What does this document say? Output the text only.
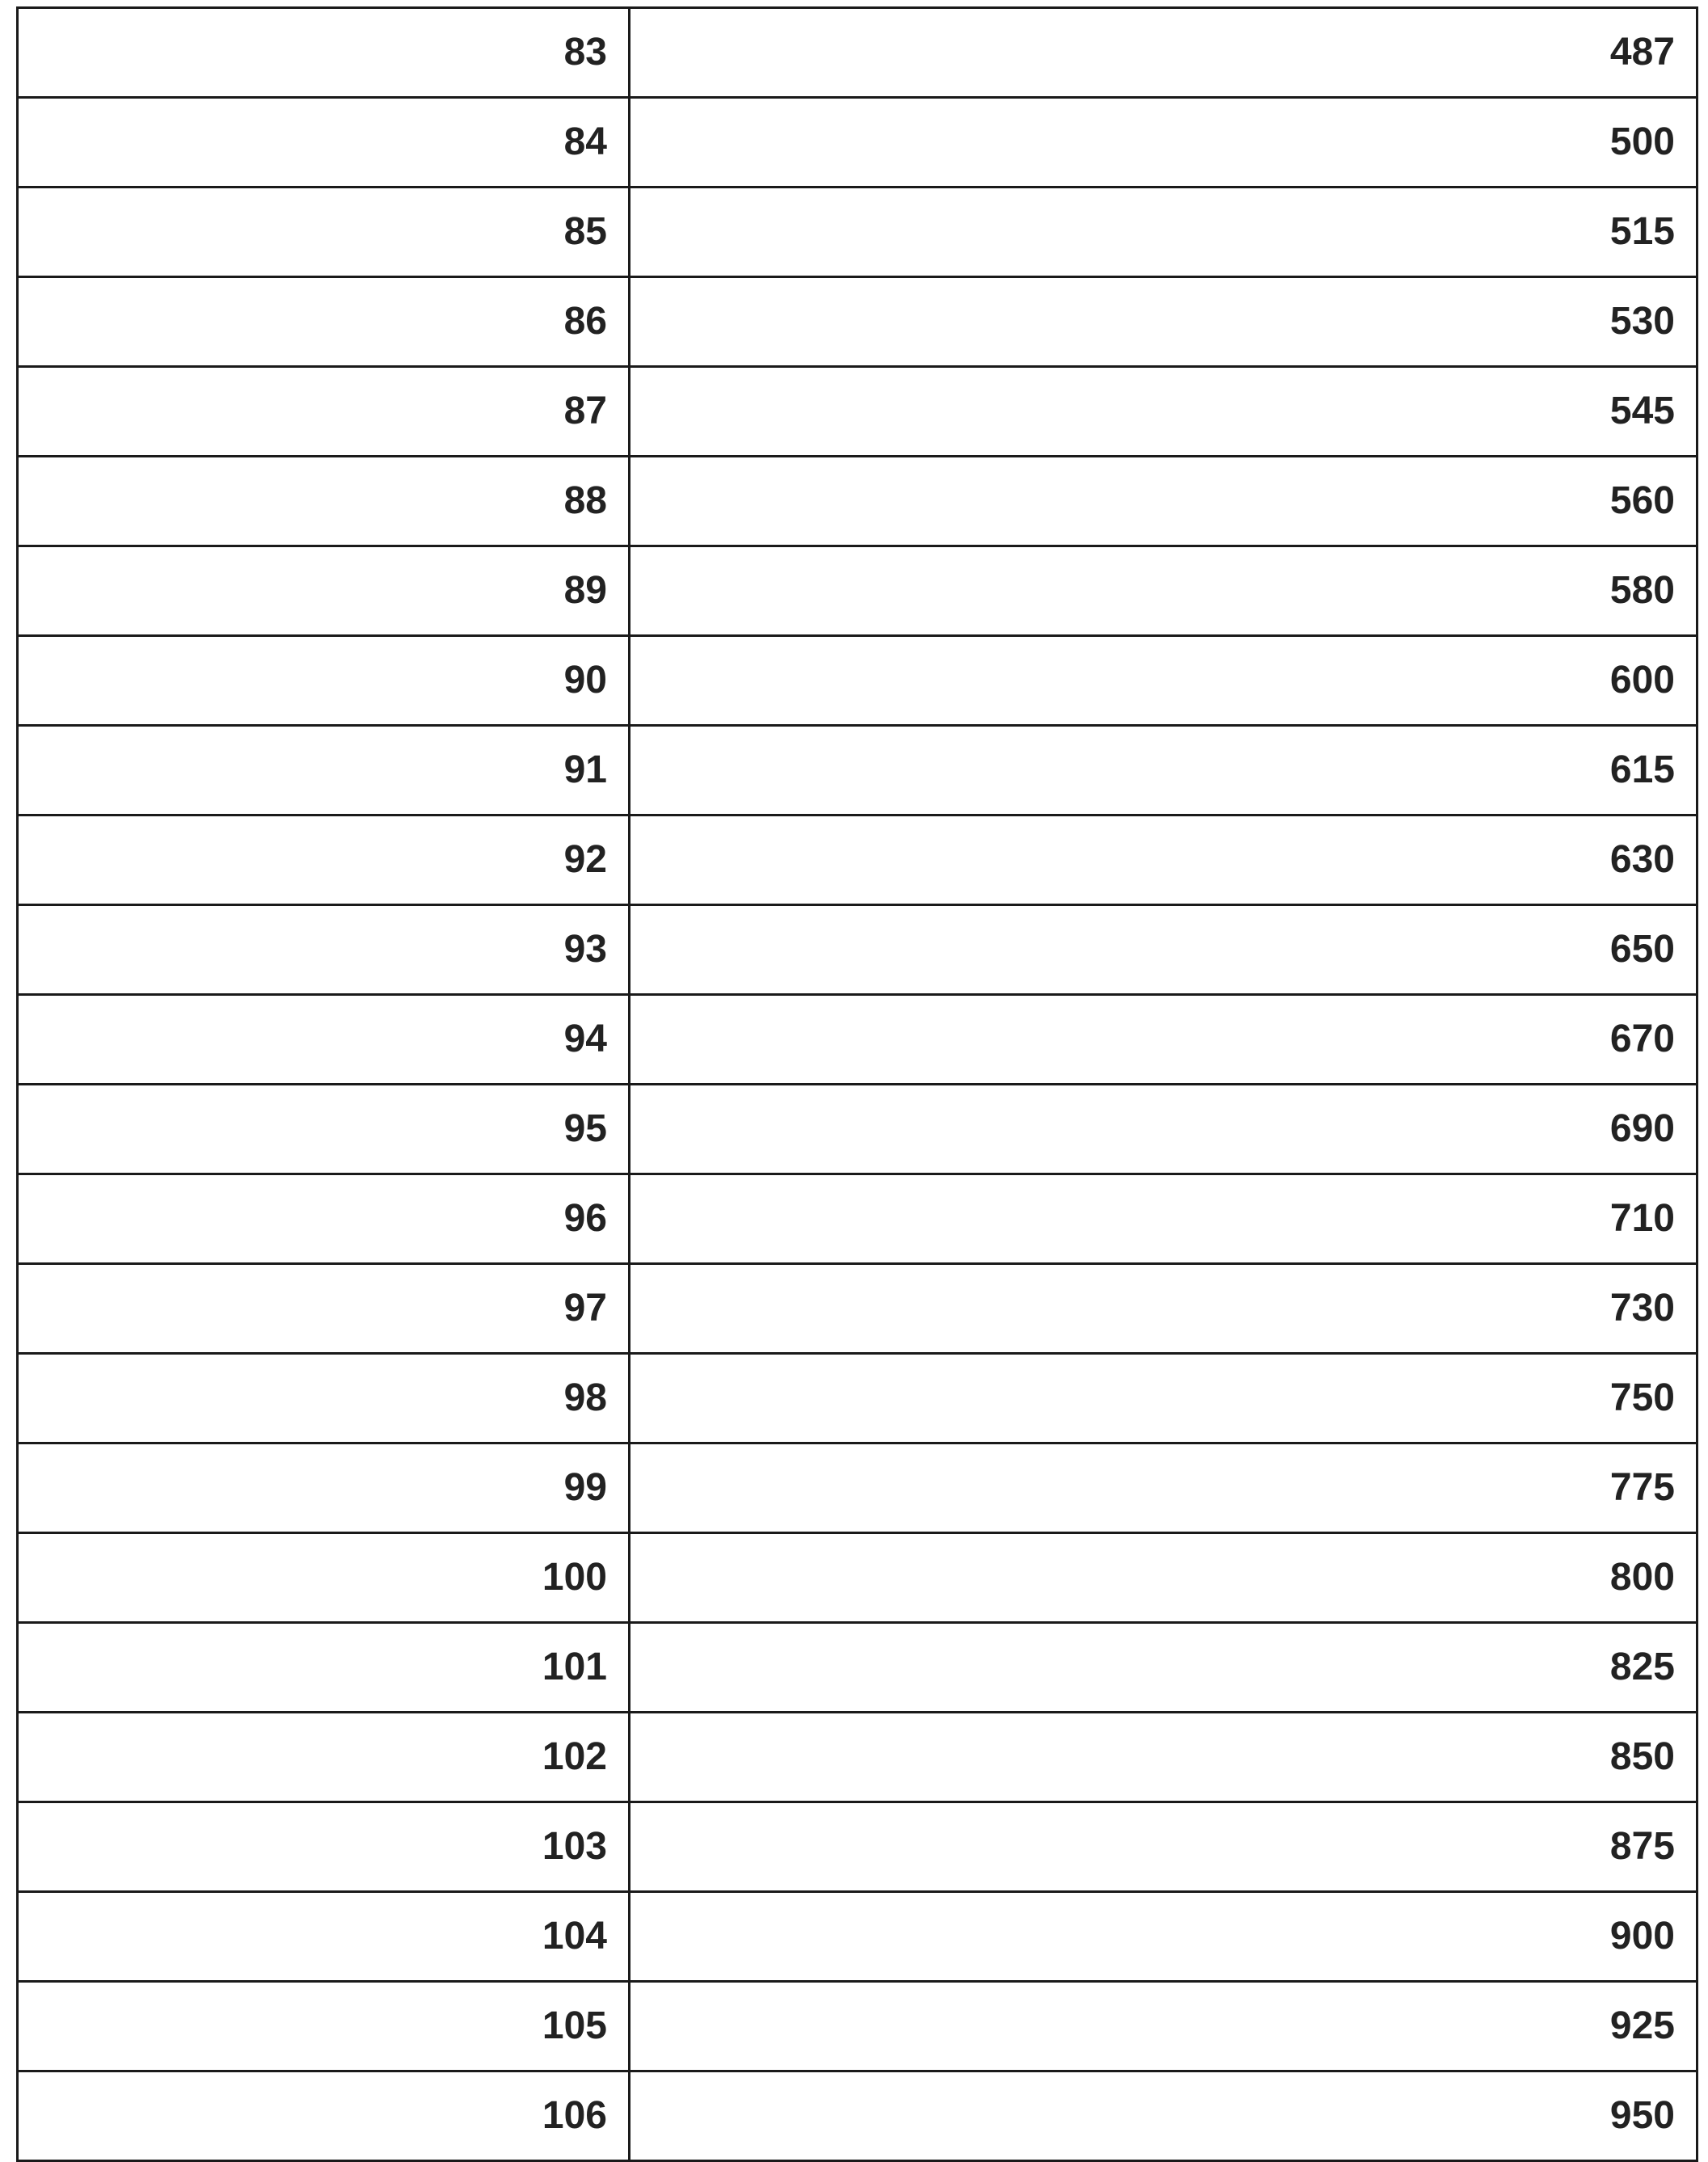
83	487
84	500
85	515
86	530
87	545
88	560
89	580
90	600
91	615
92	630
93	650
94	670
95	690
96	710
97	730
98	750
99	775
100	800
101	825
102	850
103	875
104	900
105	925
106	950
